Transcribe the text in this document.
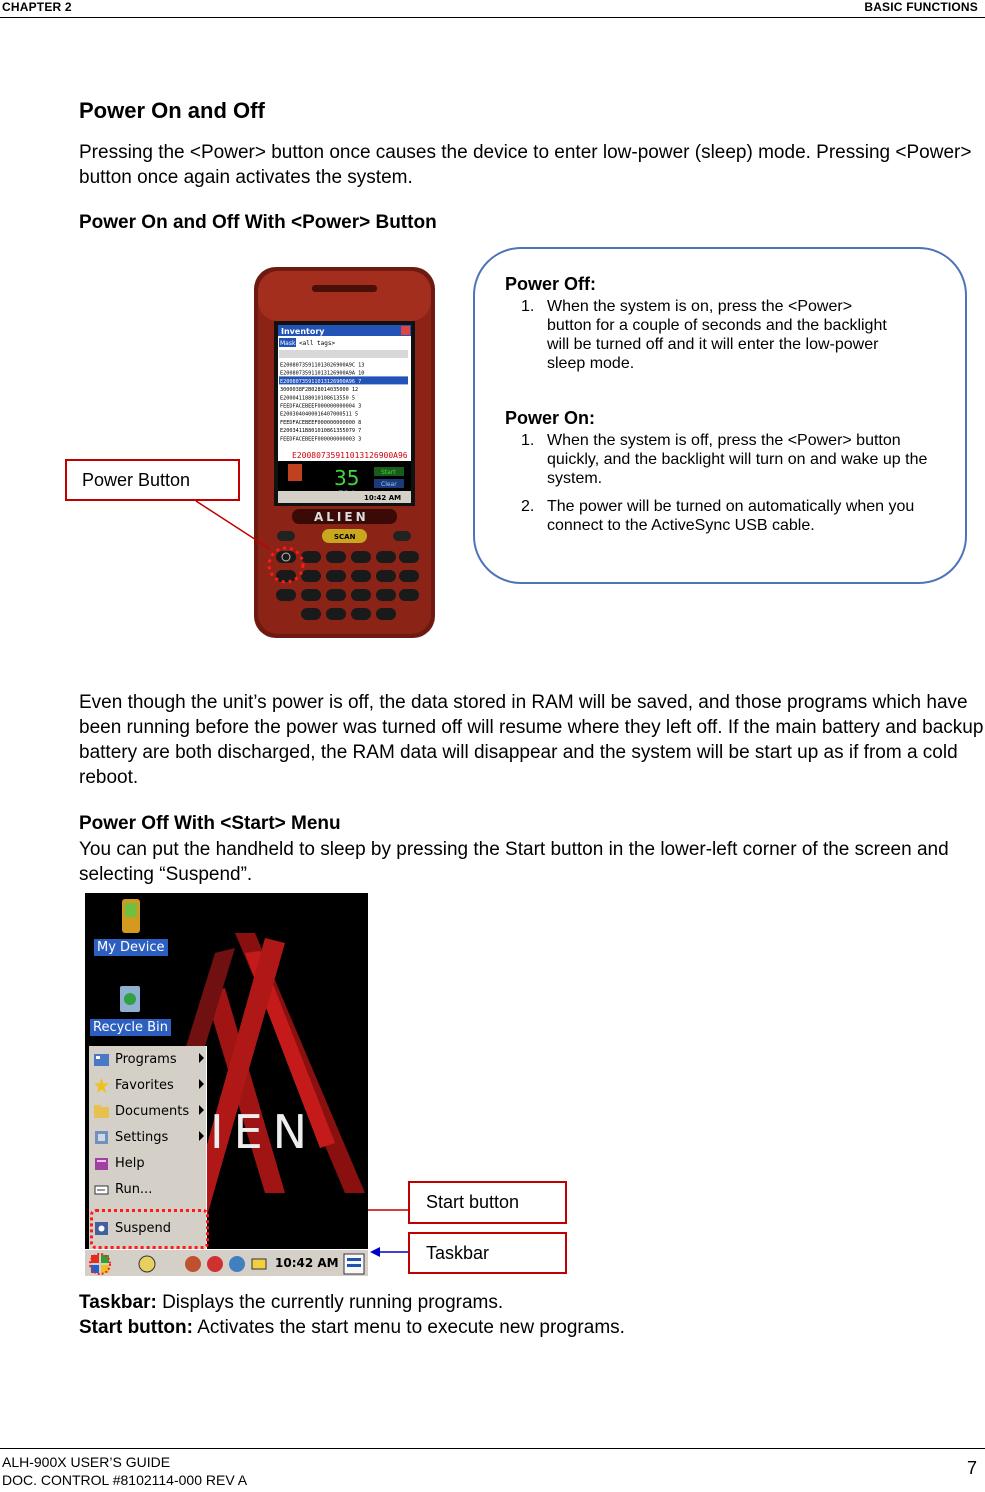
CHAPTER 2	BASIC FUNCTIONS
Power On and Off
Pressing the <Power> button once causes the device to enter low-power (sleep) mode. Pressing <Power> button once again activates the system.
Power On and Off With <Power> Button
Inventory
Mask <all tags>
E20080735911013026900A9C 13
E20080735911013126900A9A 10
E20080735911013126900A96 7
3000038F2B028014035000 12
E200041188010108613550 5
FEEDFACEBEEF000000000004 3
E2003040400016407000511 5
FEEDFACEBEEF000000000000 8
E2003411B801010861355079 7
FEEDFACEBEEF000000000003 3
E20080735911013126900A96
35	Start
Clear
10:42 AM
ALIEN
SCAN
Power Button
Power Off:
1. When the system is on, press the <Power> button for a couple of seconds and the backlight will be turned off and it will enter the low-power sleep mode.
Power On:
1. When the system is off, press the <Power> button quickly, and the backlight will turn on and wake up the system.
2. The power will be turned on automatically when you connect to the ActiveSync USB cable.
Even though the unit’s power is off, the data stored in RAM will be saved, and those programs which have been running before the power was turned off will resume where they left off. If the main battery and backup battery are both discharged, the RAM data will disappear and the system will be start up as if from a cold reboot.
Power Off With <Start> Menu
You can put the handheld to sleep by pressing the Start button in the lower-left corner of the screen and selecting “Suspend”.
My Device
Recycle Bin
IEN
Programs
Favorites
Documents
Settings
Help
Run...
Suspend
10:42 AM
Start button
Taskbar
Taskbar: Displays the currently running programs.
Start button: Activates the start menu to execute new programs.
ALH-900X USER’S GUIDE
DOC. CONTROL #8102114-000 REV A
7
